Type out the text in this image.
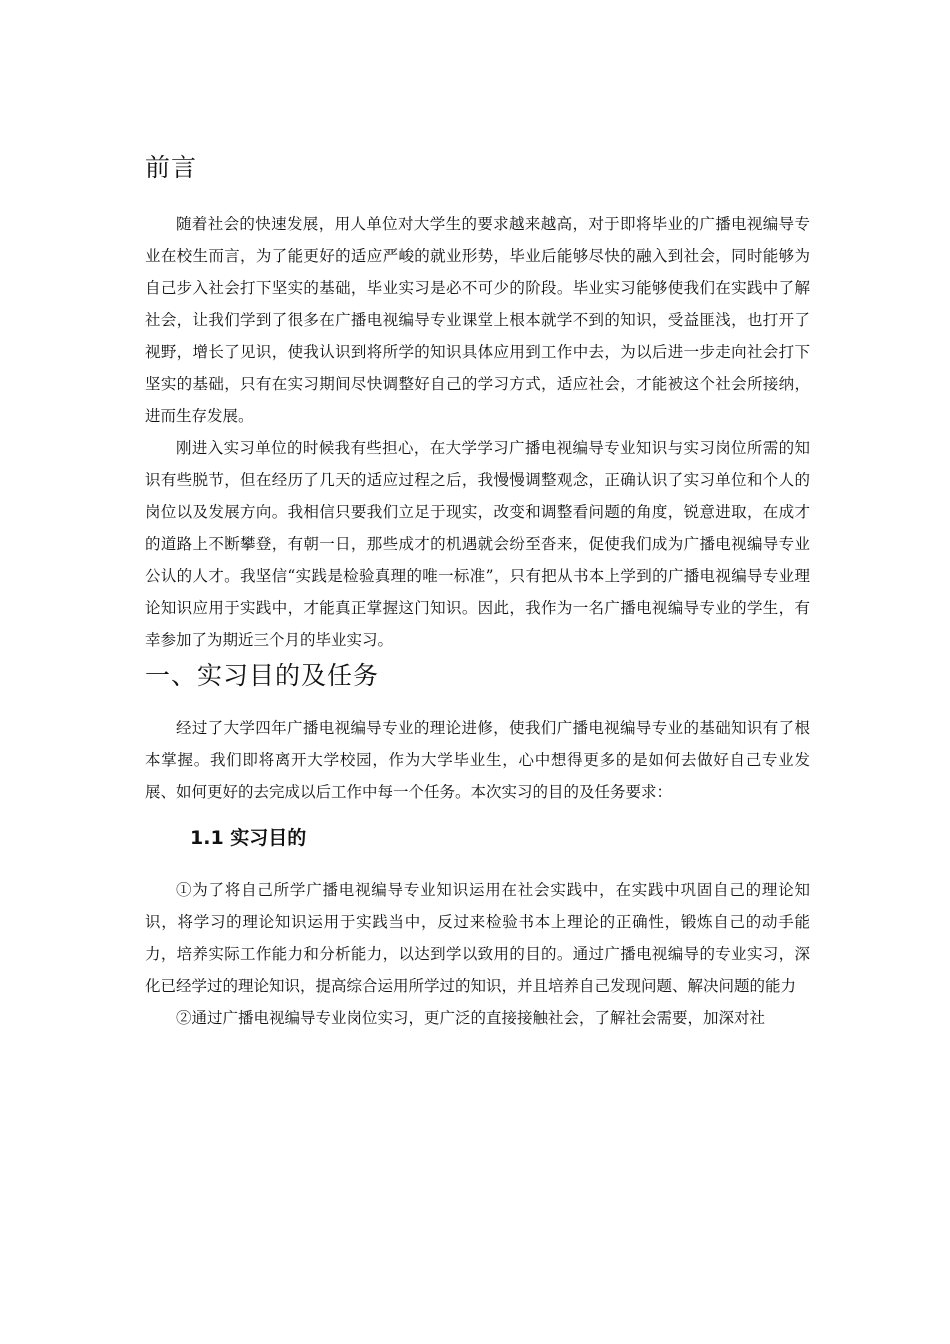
前言

随着社会的快速发展，用人单位对大学生的要求越来越高，对于即将毕业的广播电视编导专业在校生而言，为了能更好的适应严峻的就业形势，毕业后能够尽快的融入到社会，同时能够为自己步入社会打下坚实的基础，毕业实习是必不可少的阶段。毕业实习能够使我们在实践中了解社会，让我们学到了很多在广播电视编导专业课堂上根本就学不到的知识，受益匪浅，也打开了视野，增长了见识，使我认识到将所学的知识具体应用到工作中去，为以后进一步走向社会打下坚实的基础，只有在实习期间尽快调整好自己的学习方式，适应社会，才能被这个社会所接纳，进而生存发展。

刚进入实习单位的时候我有些担心，在大学学习广播电视编导专业知识与实习岗位所需的知识有些脱节，但在经历了几天的适应过程之后，我慢慢调整观念，正确认识了实习单位和个人的岗位以及发展方向。我相信只要我们立足于现实，改变和调整看问题的角度，锐意进取，在成才的道路上不断攀登，有朝一日，那些成才的机遇就会纷至沓来，促使我们成为广播电视编导专业公认的人才。我坚信“实践是检验真理的唯一标准”，只有把从书本上学到的广播电视编导专业理论知识应用于实践中，才能真正掌握这门知识。因此，我作为一名广播电视编导专业的学生，有幸参加了为期近三个月的毕业实习。

一、实习目的及任务

经过了大学四年广播电视编导专业的理论进修，使我们广播电视编导专业的基础知识有了根本掌握。我们即将离开大学校园，作为大学毕业生，心中想得更多的是如何去做好自己专业发展、如何更好的去完成以后工作中每一个任务。本次实习的目的及任务要求：

1.1 实习目的

①为了将自己所学广播电视编导专业知识运用在社会实践中，在实践中巩固自己的理论知识，将学习的理论知识运用于实践当中，反过来检验书本上理论的正确性，锻炼自己的动手能力，培养实际工作能力和分析能力，以达到学以致用的目的。通过广播电视编导的专业实习，深化已经学过的理论知识，提高综合运用所学过的知识，并且培养自己发现问题、解决问题的能力

②通过广播电视编导专业岗位实习，更广泛的直接接触社会，了解社会需要，加深对社
